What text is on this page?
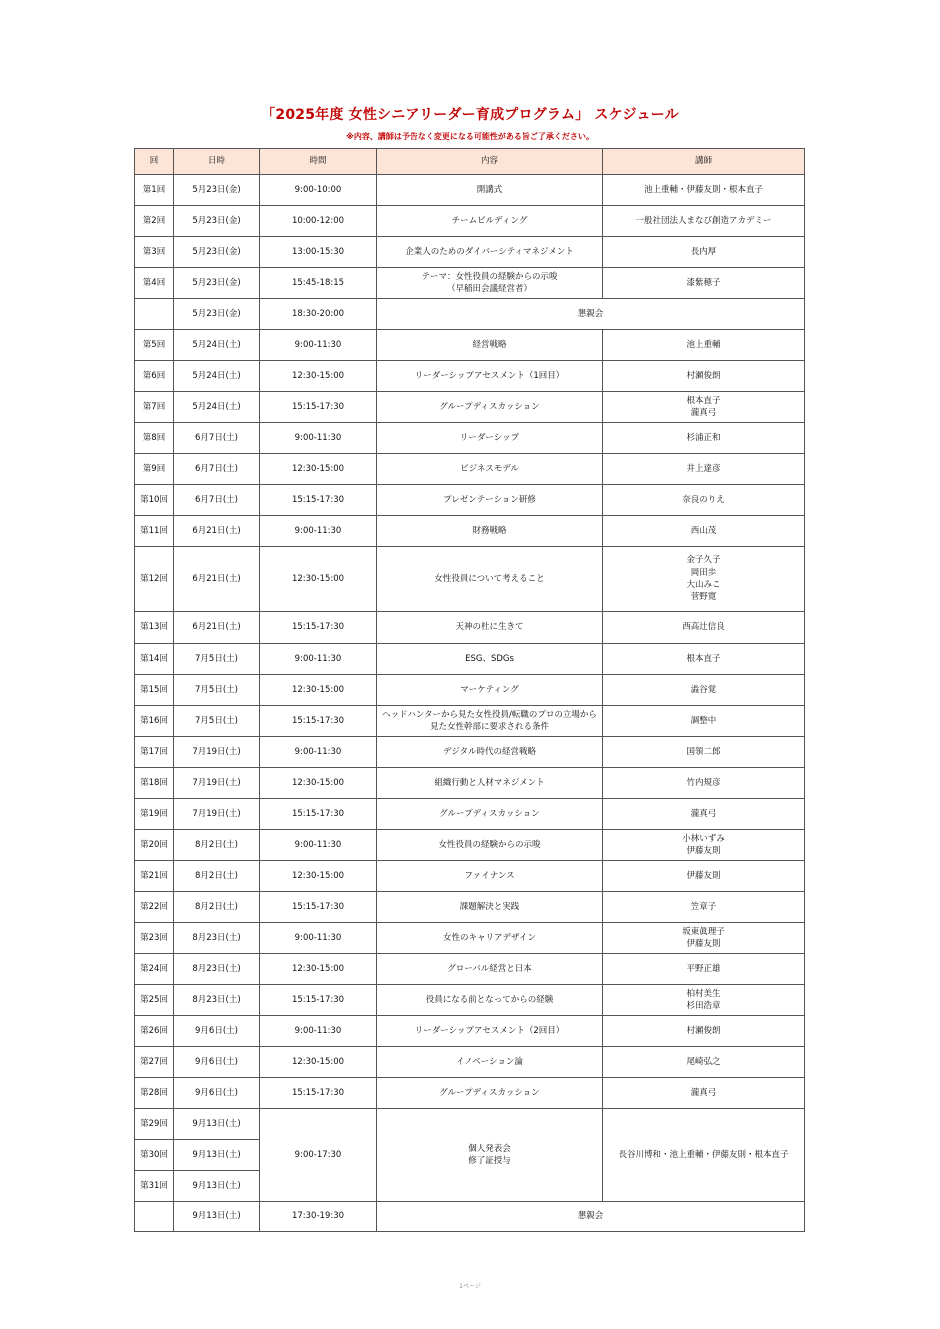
「2025年度 女性シニアリーダー育成プログラム」 スケジュール
※内容、講師は予告なく変更になる可能性がある旨ご了承ください。
回	日時	時間	内容	講師
第1回	5月23日(金)	9:00-10:00	開講式	池上重輔・伊藤友則・根本直子

第2回	5月23日(金)	10:00-12:00	チームビルディング	一般社団法人まなび創造アカデミー

第3回	5月23日(金)	13:00-15:30	企業人のためのダイバーシティマネジメント	長内厚

第4回	5月23日(金)	15:45-18:15	テーマ：女性役員の経験からの示唆
（早稲田会議経営者）	漆紫穂子

	5月23日(金)	18:30-20:00	懇親会	
第5回	5月24日(土)	9:00-11:30	経営戦略	池上重輔

第6回	5月24日(土)	12:30-15:00	リーダーシップアセスメント（1回目）	村瀬俊朗

第7回	5月24日(土)	15:15-17:30	グループディスカッション	根本直子
瀧真弓

第8回	6月7日(土)	9:00-11:30	リーダーシップ	杉浦正和

第9回	6月7日(土)	12:30-15:00	ビジネスモデル	井上達彦

第10回	6月7日(土)	15:15-17:30	プレゼンテーション研修	奈良のりえ

第11回	6月21日(土)	9:00-11:30	財務戦略	西山茂

第12回	6月21日(土)	12:30-15:00	女性役員について考えること	金子久子
岡田歩
大山みこ
菅野寛

第13回	6月21日(土)	15:15-17:30	天神の杜に生きて	西高辻信良

第14回	7月5日(土)	9:00-11:30	ESG、SDGs	根本直子

第15回	7月5日(土)	12:30-15:00	マーケティング	澁谷覚

第16回	7月5日(土)	15:15-17:30	ヘッドハンターから見た女性役員/転職のプロの立場から
見た女性幹部に要求される条件	調整中

第17回	7月19日(土)	9:00-11:30	デジタル時代の経営戦略	国領二郎

第18回	7月19日(土)	12:30-15:00	組織行動と人材マネジメント	竹内規彦

第19回	7月19日(土)	15:15-17:30	グループディスカッション	瀧真弓

第20回	8月2日(土)	9:00-11:30	女性役員の経験からの示唆	小林いずみ
伊藤友則

第21回	8月2日(土)	12:30-15:00	ファイナンス	伊藤友則

第22回	8月2日(土)	15:15-17:30	課題解決と実践	笠章子

第23回	8月23日(土)	9:00-11:30	女性のキャリアデザイン	坂東眞理子
伊藤友則

第24回	8月23日(土)	12:30-15:00	グローバル経営と日本	平野正雄

第25回	8月23日(土)	15:15-17:30	役員になる前となってからの経験	柏村美生
杉田浩章

第26回	9月6日(土)	9:00-11:30	リーダーシップアセスメント（2回目）	村瀬俊朗

第27回	9月6日(土)	12:30-15:00	イノベーション論	尾崎弘之

第28回	9月6日(土)	15:15-17:30	グループディスカッション	瀧真弓

第29回	9月13日(土)	9:00-17:30	個人発表会
修了証授与	長谷川博和・池上重輔・伊藤友則・根本直子

第30回	9月13日(土)			
第31回	9月13日(土)			
	9月13日(土)	17:30-19:30	懇親会	
1ページ
